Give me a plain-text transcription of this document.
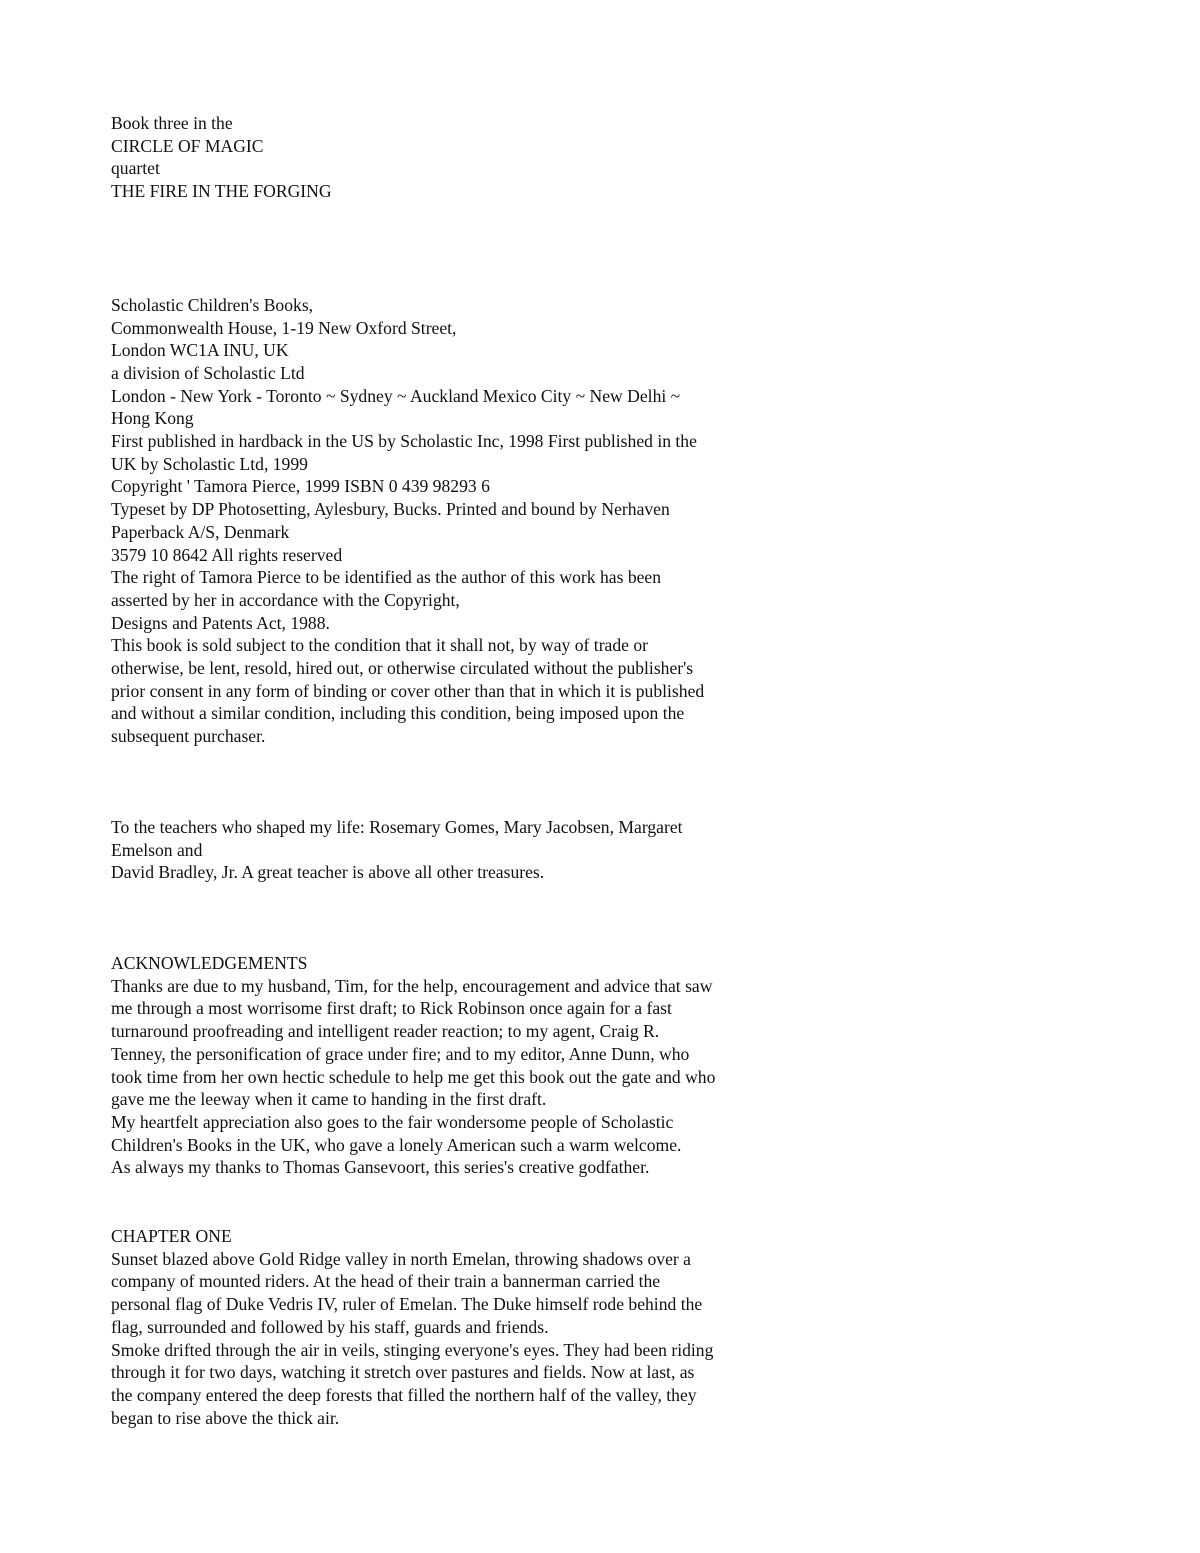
Book three in the
CIRCLE OF MAGIC
quartet
THE FIRE IN THE FORGING
Scholastic Children's Books,
Commonwealth House, 1-19 New Oxford Street,
London WC1A INU, UK
a division of Scholastic Ltd
London - New York - Toronto ~ Sydney ~ Auckland Mexico City ~ New Delhi ~
Hong Kong
First published in hardback in the US by Scholastic Inc, 1998 First published in the
UK by Scholastic Ltd, 1999
Copyright ' Tamora Pierce, 1999 ISBN 0 439 98293 6
Typeset by DP Photosetting, Aylesbury, Bucks. Printed and bound by Nerhaven
Paperback A/S, Denmark
3579 10 8642 All rights reserved
The right of Tamora Pierce to be identified as the author of this work has been
asserted by her in accordance with the Copyright,
Designs and Patents Act, 1988.
This book is sold subject to the condition that it shall not, by way of trade or
otherwise, be lent, resold, hired out, or otherwise circulated without the publisher's
prior consent in any form of binding or cover other than that in which it is published
and without a similar condition, including this condition, being imposed upon the
subsequent purchaser.
To the teachers who shaped my life: Rosemary Gomes, Mary Jacobsen, Margaret
Emelson and
David Bradley, Jr. A great teacher is above all other treasures.
ACKNOWLEDGEMENTS
Thanks are due to my husband, Tim, for the help, encouragement and advice that saw
me through a most worrisome first draft; to Rick Robinson once again for a fast
turnaround proofreading and intelligent reader reaction; to my agent, Craig R.
Tenney, the personification of grace under fire; and to my editor, Anne Dunn, who
took time from her own hectic schedule to help me get this book out the gate and who
gave me the leeway when it came to handing in the first draft.
My heartfelt appreciation also goes to the fair wondersome people of Scholastic
Children's Books in the UK, who gave a lonely American such a warm welcome.
As always my thanks to Thomas Gansevoort, this series's creative godfather.
CHAPTER ONE
Sunset blazed above Gold Ridge valley in north Emelan, throwing shadows over a
company of mounted riders. At the head of their train a bannerman carried the
personal flag of Duke Vedris IV, ruler of Emelan. The Duke himself rode behind the
flag, surrounded and followed by his staff, guards and friends.
Smoke drifted through the air in veils, stinging everyone's eyes. They had been riding
through it for two days, watching it stretch over pastures and fields. Now at last, as
the company entered the deep forests that filled the northern half of the valley, they
began to rise above the thick air.
